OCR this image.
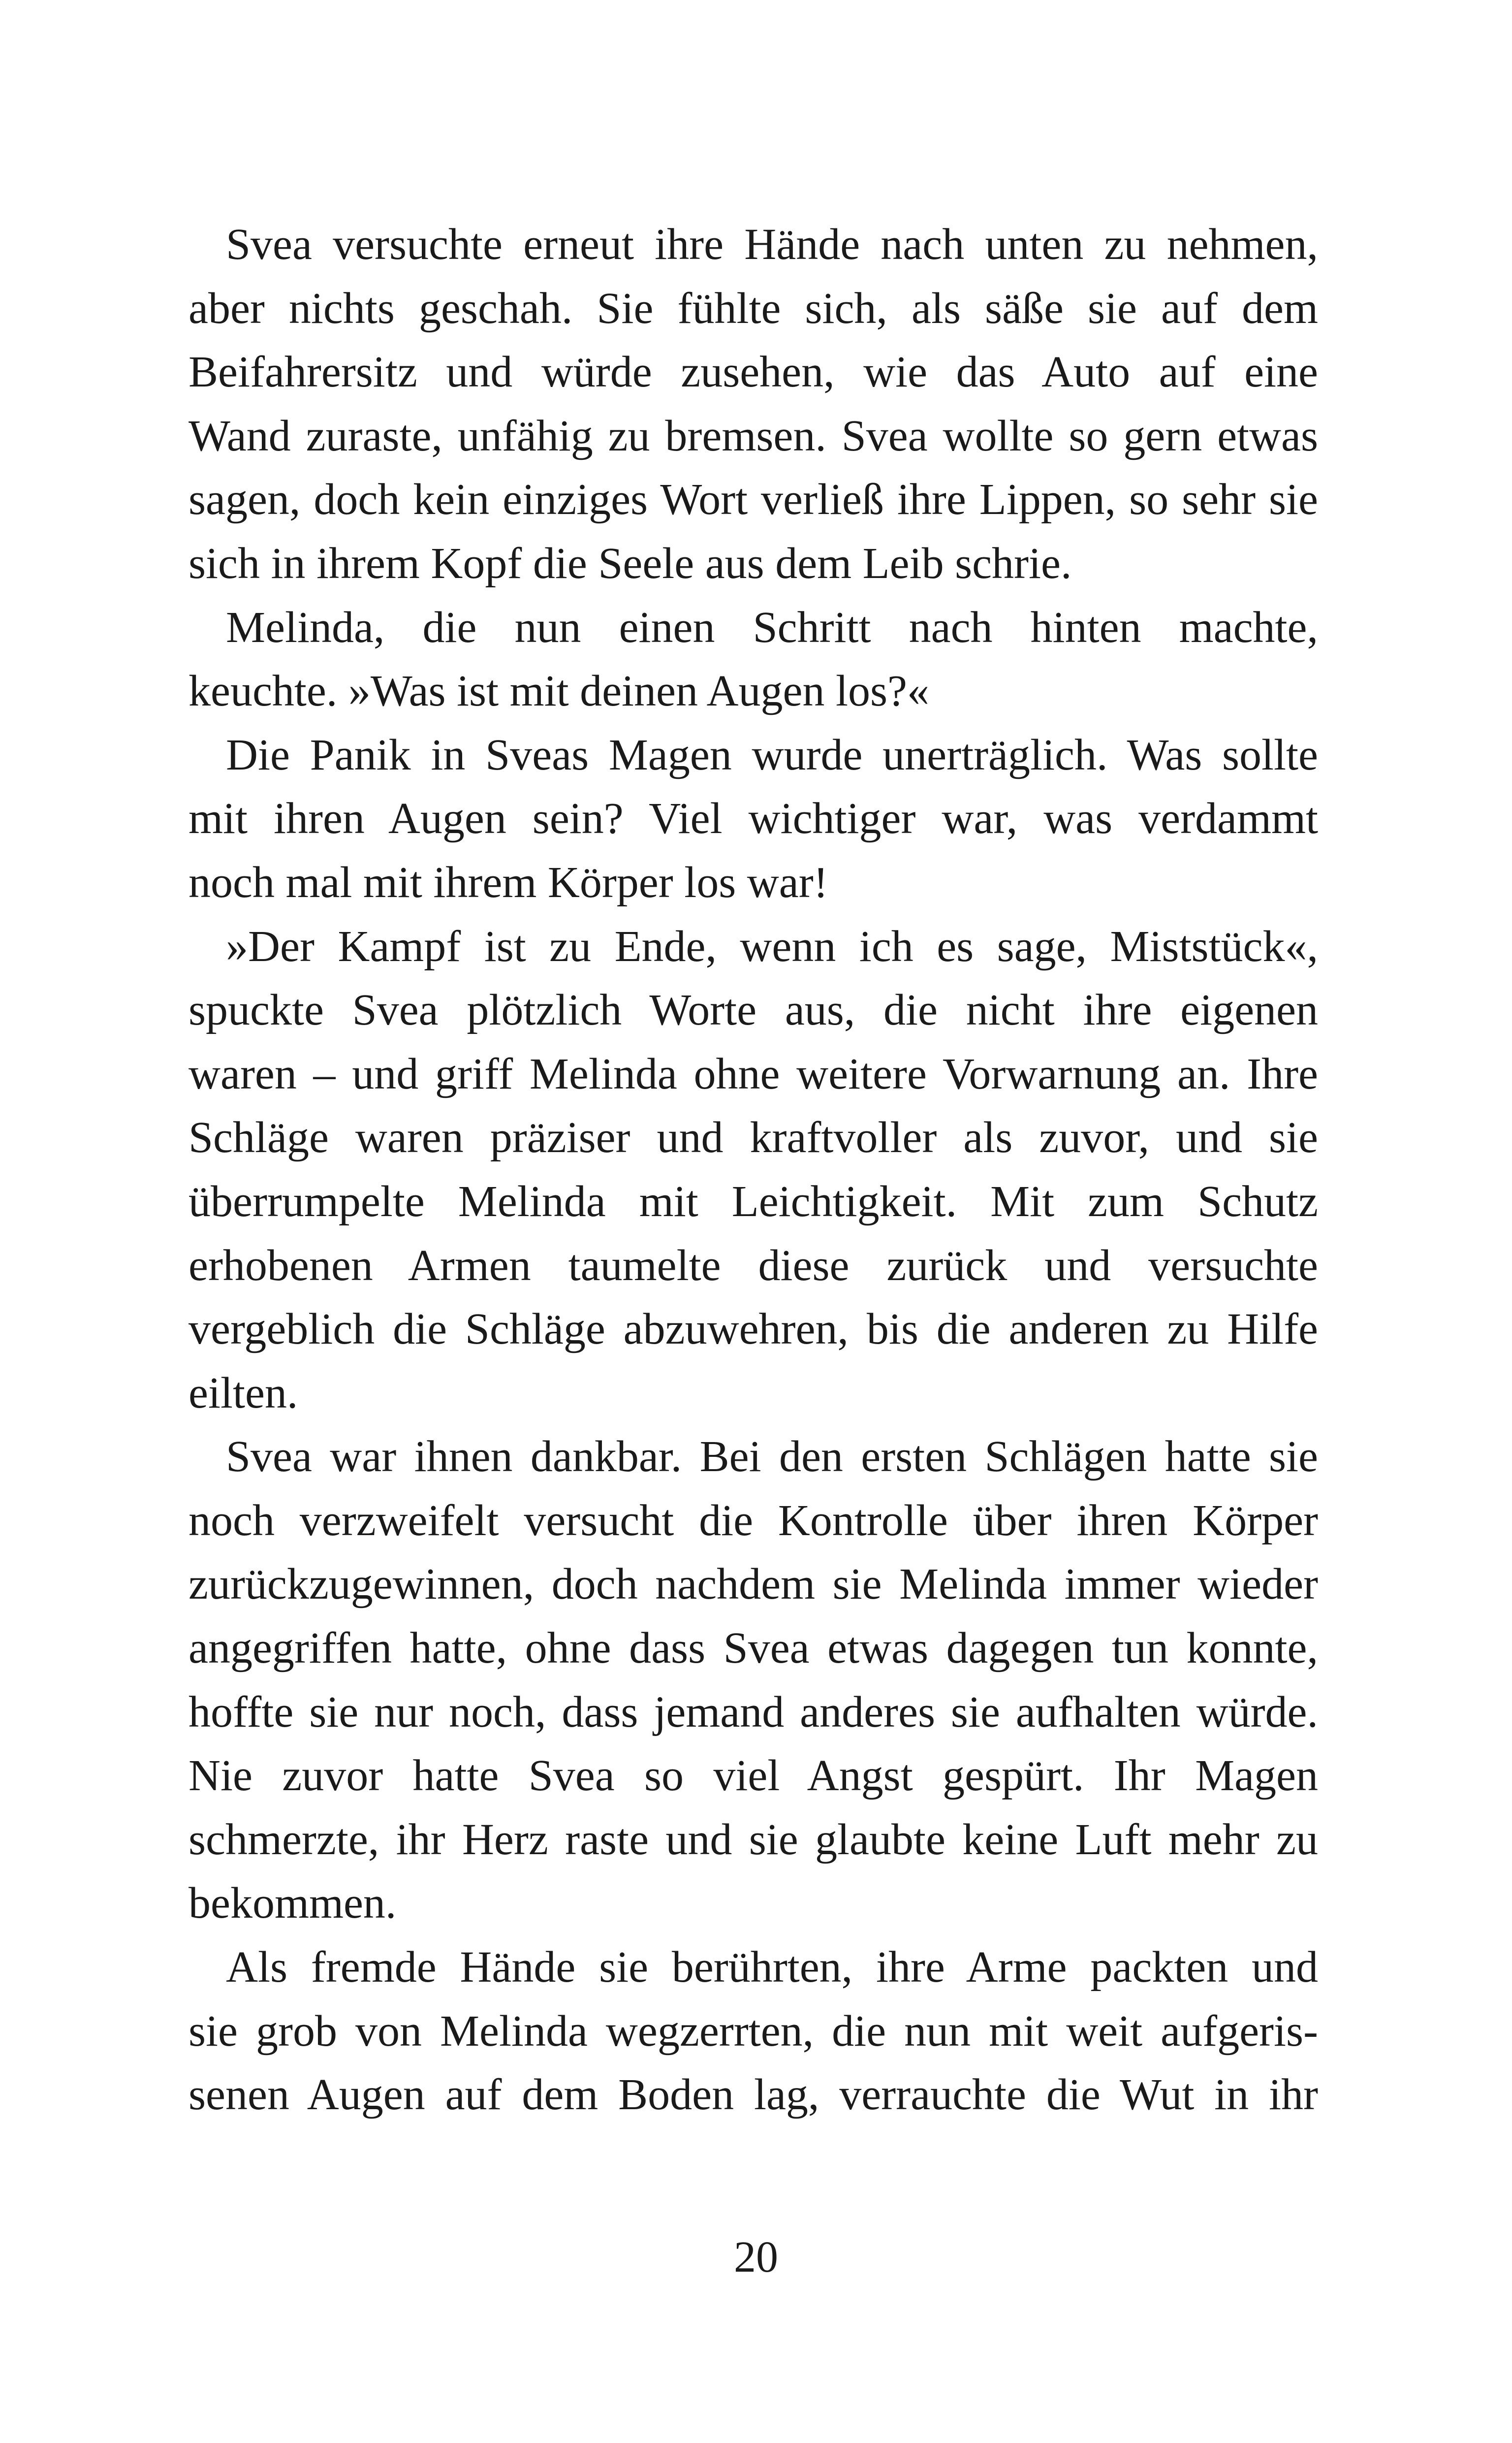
Svea versuchte erneut ihre Hände nach unten zu nehmen,
aber nichts geschah. Sie fühlte sich, als säße sie auf dem
Beifahrersitz und würde zusehen, wie das Auto auf eine
Wand zuraste, unfähig zu bremsen. Svea wollte so gern etwas
sagen, doch kein einziges Wort verließ ihre Lippen, so sehr sie
sich in ihrem Kopf die Seele aus dem Leib schrie.
Melinda, die nun einen Schritt nach hinten machte,
keuchte. »Was ist mit deinen Augen los?«
Die Panik in Sveas Magen wurde unerträglich. Was sollte
mit ihren Augen sein? Viel wichtiger war, was verdammt
noch mal mit ihrem Körper los war!
»Der Kampf ist zu Ende, wenn ich es sage, Miststück«,
spuckte Svea plötzlich Worte aus, die nicht ihre eigenen
waren – und griff Melinda ohne weitere Vorwarnung an. Ihre
Schläge waren präziser und kraftvoller als zuvor, und sie
überrumpelte Melinda mit Leichtigkeit. Mit zum Schutz
erhobenen Armen taumelte diese zurück und versuchte
vergeblich die Schläge abzuwehren, bis die anderen zu Hilfe
eilten.
Svea war ihnen dankbar. Bei den ersten Schlägen hatte sie
noch verzweifelt versucht die Kontrolle über ihren Körper
zurückzugewinnen, doch nachdem sie Melinda immer wieder
angegriffen hatte, ohne dass Svea etwas dagegen tun konnte,
hoffte sie nur noch, dass jemand anderes sie aufhalten würde.
Nie zuvor hatte Svea so viel Angst gespürt. Ihr Magen
schmerzte, ihr Herz raste und sie glaubte keine Luft mehr zu
bekommen.
Als fremde Hände sie berührten, ihre Arme packten und
sie grob von Melinda wegzerrten, die nun mit weit aufgeris-
senen Augen auf dem Boden lag, verrauchte die Wut in ihr
20
